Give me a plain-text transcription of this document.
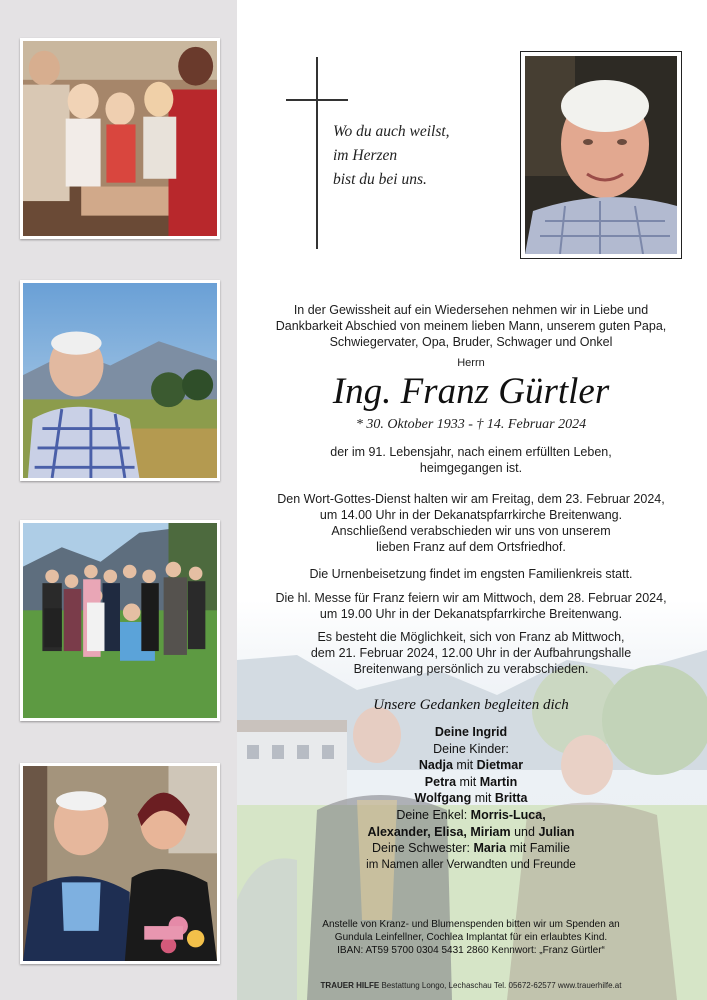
Wo du auch weilst,
im Herzen
bist du bei uns.
In der Gewissheit auf ein Wiedersehen nehmen wir in Liebe und
Dankbarkeit Abschied von meinem lieben Mann, unserem guten Papa,
Schwiegervater, Opa, Bruder, Schwager und Onkel
Herrn
Ing. Franz Gürtler
* 30. Oktober 1933 - † 14. Februar 2024
der im 91. Lebensjahr, nach einem erfüllten Leben,
heimgegangen ist.
Den Wort-Gottes-Dienst halten wir am Freitag, dem 23. Februar 2024,
um 14.00 Uhr in der Dekanatspfarrkirche Breitenwang.
Anschließend verabschieden wir uns von unserem
lieben Franz auf dem Ortsfriedhof.
Die Urnenbeisetzung findet im engsten Familienkreis statt.
Die hl. Messe für Franz feiern wir am Mittwoch, dem 28. Februar 2024,
um 19.00 Uhr in der Dekanatspfarrkirche Breitenwang.
Es besteht die Möglichkeit, sich von Franz ab Mittwoch,
dem 21. Februar 2024, 12.00 Uhr in der Aufbahrungshalle
Breitenwang persönlich zu verabschieden.
Unsere Gedanken begleiten dich
Deine Ingrid
Deine Kinder:
Nadja mit Dietmar
Petra mit Martin
Wolfgang mit Britta
Deine Enkel: Morris-Luca,
Alexander, Elisa, Miriam und Julian
Deine Schwester: Maria mit Familie
im Namen aller Verwandten und Freunde
Anstelle von Kranz- und Blumenspenden bitten wir um Spenden an
Gundula Leinfellner, Cochlea Implantat für ein erlaubtes Kind.
IBAN: AT59 5700 0304 5431 2860 Kennwort: „Franz Gürtler“
TRAUER HILFE Bestattung Longo, Lechaschau Tel. 05672-62577 www.trauerhilfe.at
